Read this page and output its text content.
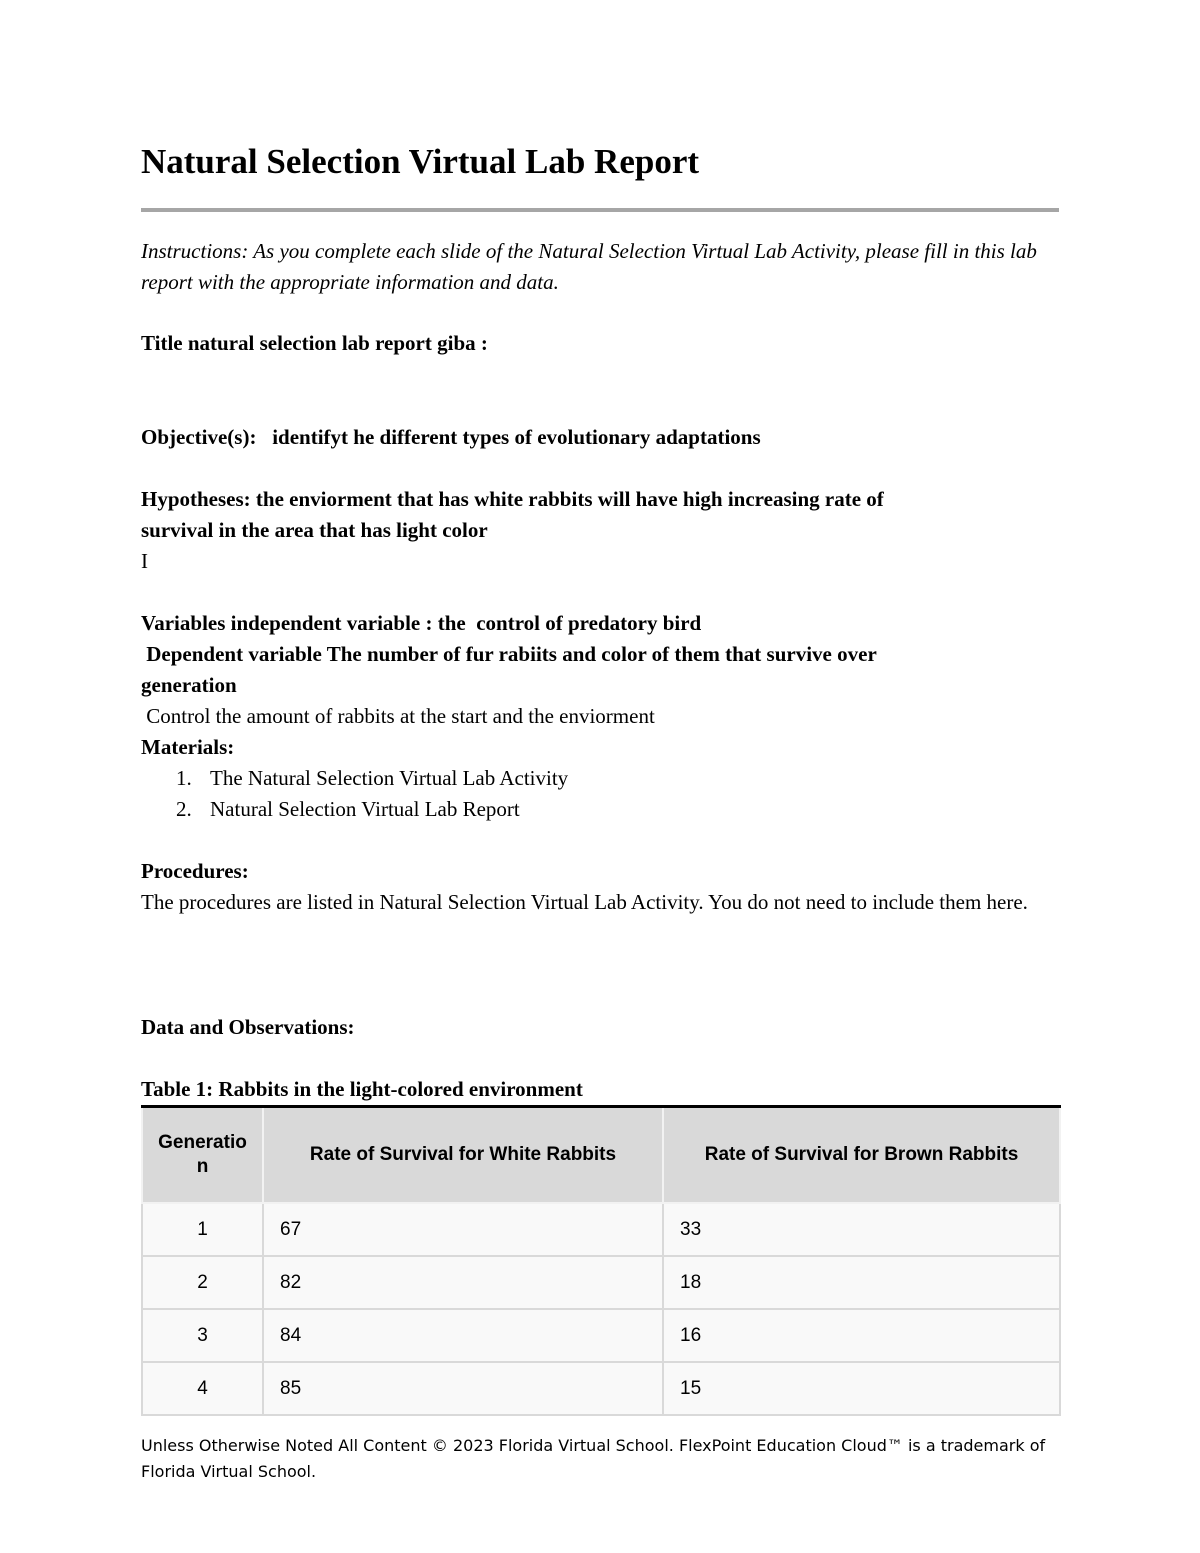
Natural Selection Virtual Lab Report

Instructions: As you complete each slide of the Natural Selection Virtual Lab Activity, please fill in this lab report with the appropriate information and data.

Title natural selection lab report giba :

Objective(s):   identifyt he different types of evolutionary adaptations

Hypotheses: the enviorment that has white rabbits will have high increasing rate of

survival in the area that has light color

I

Variables independent variable : the  control of predatory bird

Dependent variable The number of fur rabiits and color of them that survive over

generation

Control the amount of rabbits at the start and the enviorment

Materials:

1. The Natural Selection Virtual Lab Activity
2. Natural Selection Virtual Lab Report

Procedures:

The procedures are listed in Natural Selection Virtual Lab Activity. You do not need to include them here.

Data and Observations:

Table 1: Rabbits in the light-colored environment

Generation	Rate of Survival for White Rabbits	Rate of Survival for Brown Rabbits
1	67	33
2	82	18
3	84	16
4	85	15

Unless Otherwise Noted All Content © 2023 Florida Virtual School. FlexPoint Education Cloud™ is a trademark of Florida Virtual School.
